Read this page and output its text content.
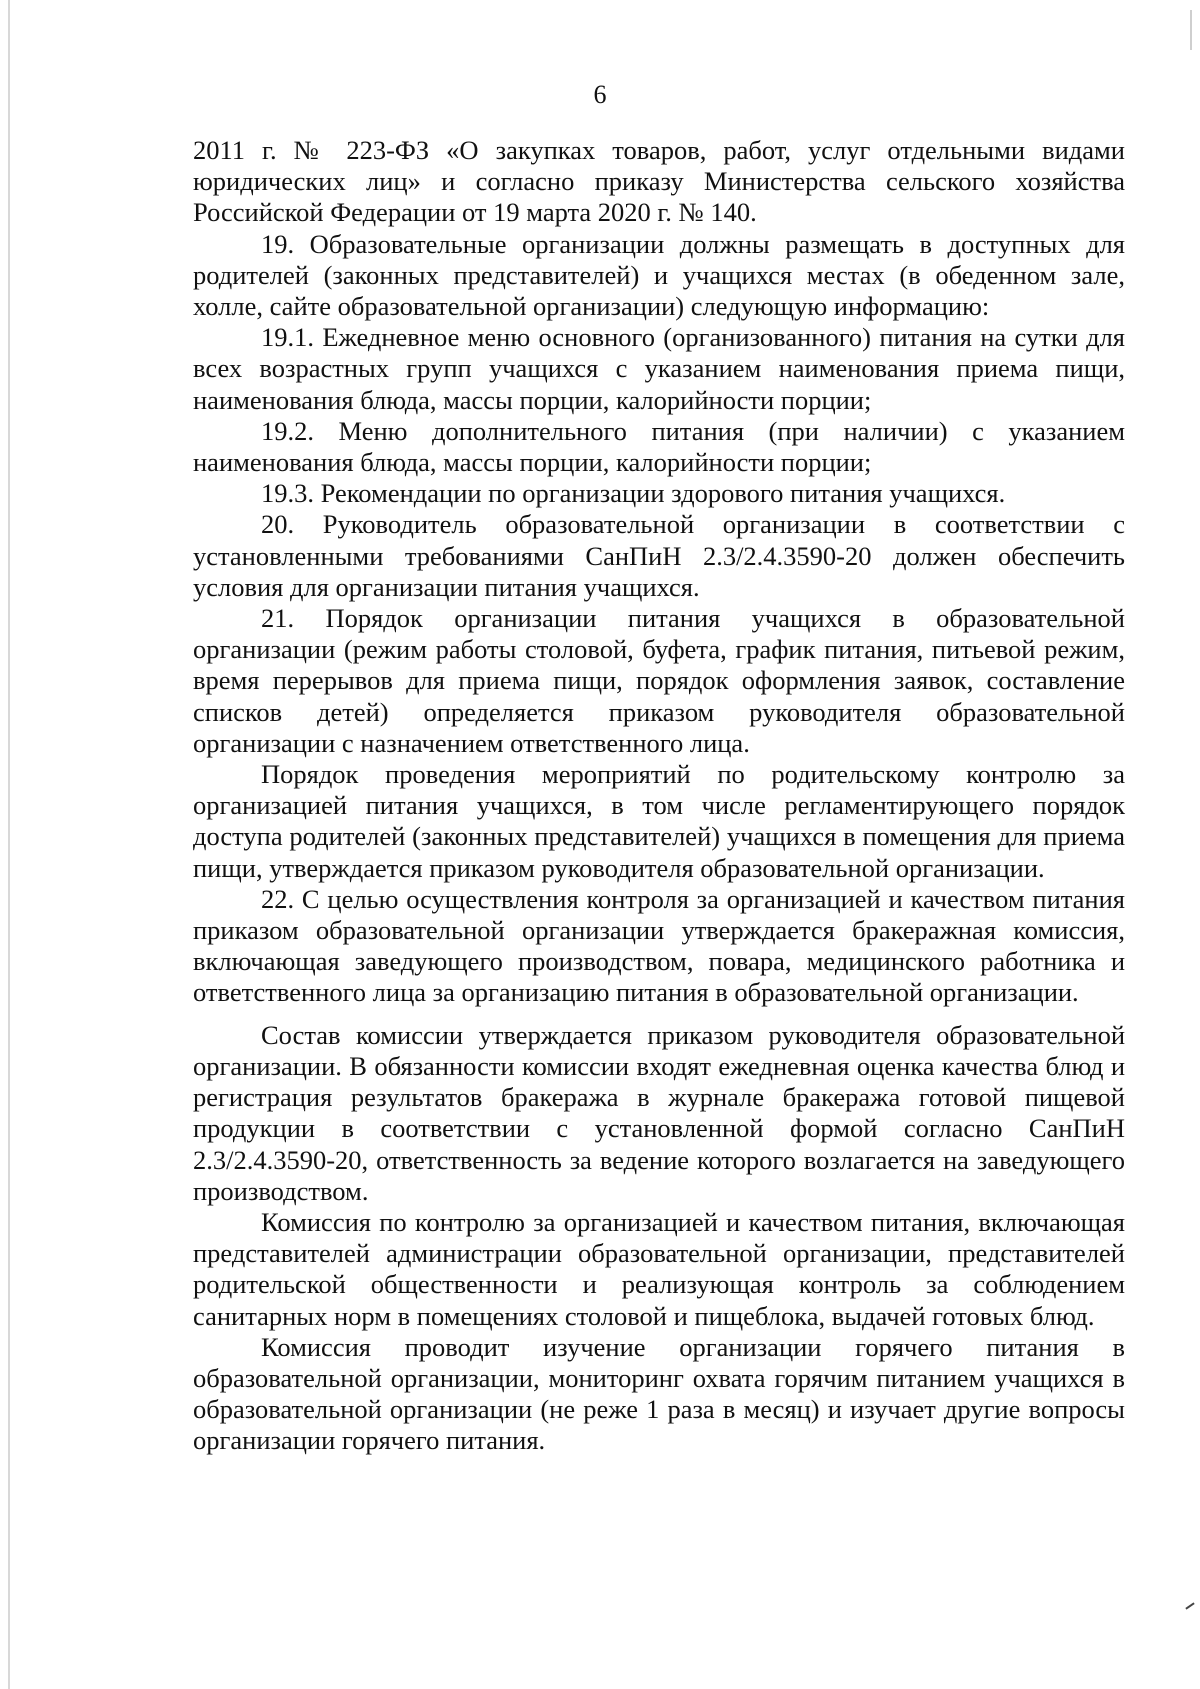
6

2011 г. № 223-ФЗ «О закупках товаров, работ, услуг отдельными видами юридических лиц» и согласно приказу Министерства сельского хозяйства Российской Федерации от 19 марта 2020 г. № 140.

19. Образовательные организации должны размещать в доступных для родителей (законных представителей) и учащихся местах (в обеденном зале, холле, сайте образовательной организации) следующую информацию:

19.1. Ежедневное меню основного (организованного) питания на сутки для всех возрастных групп учащихся с указанием наименования приема пищи, наименования блюда, массы порции, калорийности порции;

19.2. Меню дополнительного питания (при наличии) с указанием наименования блюда, массы порции, калорийности порции;

19.3. Рекомендации по организации здорового питания учащихся.

20. Руководитель образовательной организации в соответствии с установленными требованиями СанПиН 2.3/2.4.3590-20 должен обеспечить условия для организации питания учащихся.

21. Порядок организации питания учащихся в образовательной организации (режим работы столовой, буфета, график питания, питьевой режим, время перерывов для приема пищи, порядок оформления заявок, составление списков детей) определяется приказом руководителя образовательной организации с назначением ответственного лица.

Порядок проведения мероприятий по родительскому контролю за организацией питания учащихся, в том числе регламентирующего порядок доступа родителей (законных представителей) учащихся в помещения для приема пищи, утверждается приказом руководителя образовательной организации.

22. С целью осуществления контроля за организацией и качеством питания приказом образовательной организации утверждается бракеражная комиссия, включающая заведующего производством, повара, медицинского работника и ответственного лица за организацию питания в образовательной организации.

Состав комиссии утверждается приказом руководителя образовательной организации. В обязанности комиссии входят ежедневная оценка качества блюд и регистрация результатов бракеража в журнале бракеража готовой пищевой продукции в соответствии с установленной формой согласно СанПиН 2.3/2.4.3590-20, ответственность за ведение которого возлагается на заведующего производством.

Комиссия по контролю за организацией и качеством питания, включающая представителей администрации образовательной организации, представителей родительской общественности и реализующая контроль за соблюдением санитарных норм в помещениях столовой и пищеблока, выдачей готовых блюд.

Комиссия проводит изучение организации горячего питания в образовательной организации, мониторинг охвата горячим питанием учащихся в образовательной организации (не реже 1 раза в месяц) и изучает другие вопросы организации горячего питания.
